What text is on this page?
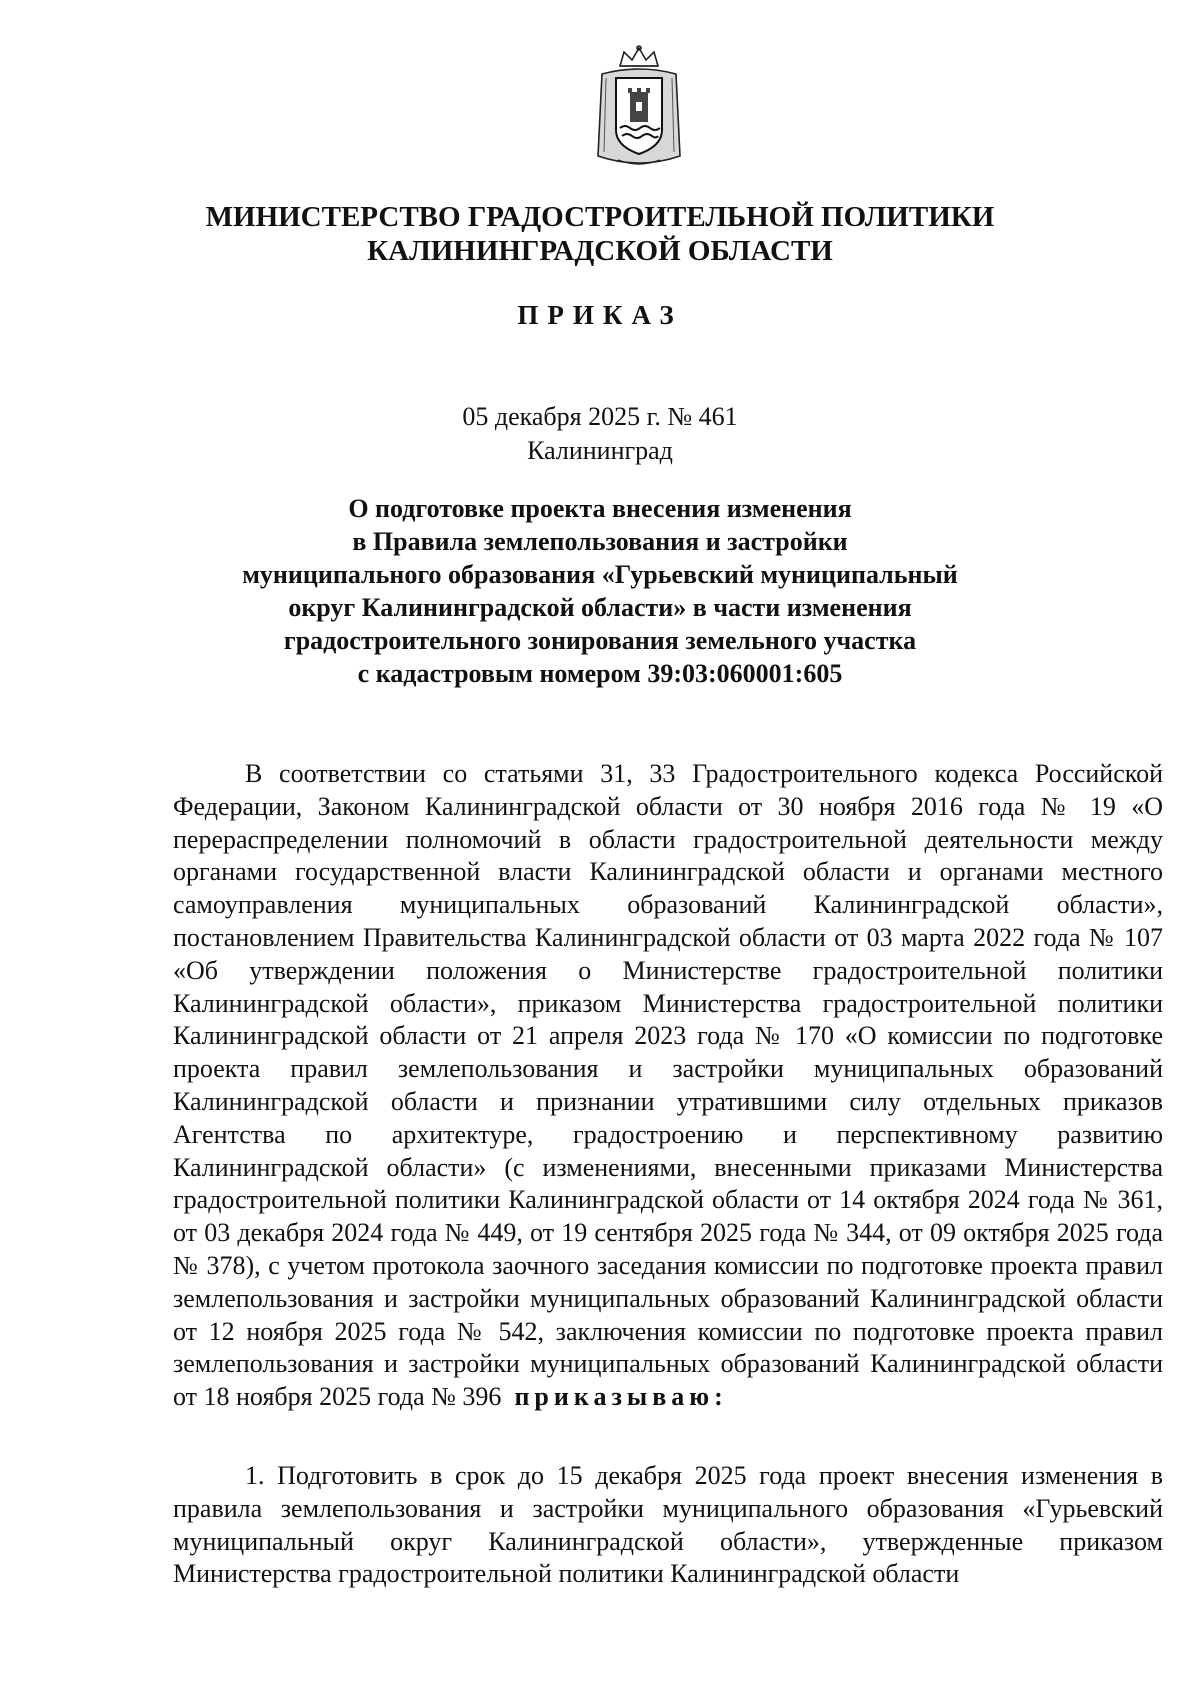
МИНИСТЕРСТВО ГРАДОСТРОИТЕЛЬНОЙ ПОЛИТИКИ
КАЛИНИНГРАДСКОЙ ОБЛАСТИ
ПРИКАЗ
05 декабря 2025 г. № 461
Калининград
О подготовке проекта внесения изменения
в Правила землепользования и застройки
муниципального образования «Гурьевский муниципальный
округ Калининградской области» в части изменения
градостроительного зонирования земельного участка
с кадастровым номером 39:03:060001:605

В соответствии со статьями 31, 33 Градостроительного кодекса Российской Федерации, Законом Калининградской области от 30 ноября 2016 года № 19 «О перераспределении полномочий в области градостроительной деятельности между органами государственной власти Калининградской области и органами местного самоуправления муниципальных образований Калининградской области», постановлением Правительства Калининградской области от 03 марта 2022 года № 107 «Об утверждении положения о Министерстве градостроительной политики Калининградской области», приказом Министерства градостроительной политики Калининградской области от 21 апреля 2023 года № 170 «О комиссии по подготовке проекта правил землепользования и застройки муниципальных образований Калининградской области и признании утратившими силу отдельных приказов Агентства по архитектуре, градостроению и перспективному развитию Калининградской области» (с изменениями, внесенными приказами Министерства градостроительной политики Калининградской области от 14 октября 2024 года № 361, от 03 декабря 2024 года № 449, от 19 сентября 2025 года № 344, от 09 октября 2025 года № 378), с учетом протокола заочного заседания комиссии по подготовке проекта правил землепользования и застройки муниципальных образований Калининградской области от 12 ноября 2025 года № 542, заключения комиссии по подготовке проекта правил землепользования и застройки муниципальных образований Калининградской области от 18 ноября 2025 года № 396 приказываю:

1. Подготовить в срок до 15 декабря 2025 года проект внесения изменения в правила землепользования и застройки муниципального образования «Гурьевский муниципальный округ Калининградской области», утвержденные приказом Министерства градостроительной политики Калининградской области
